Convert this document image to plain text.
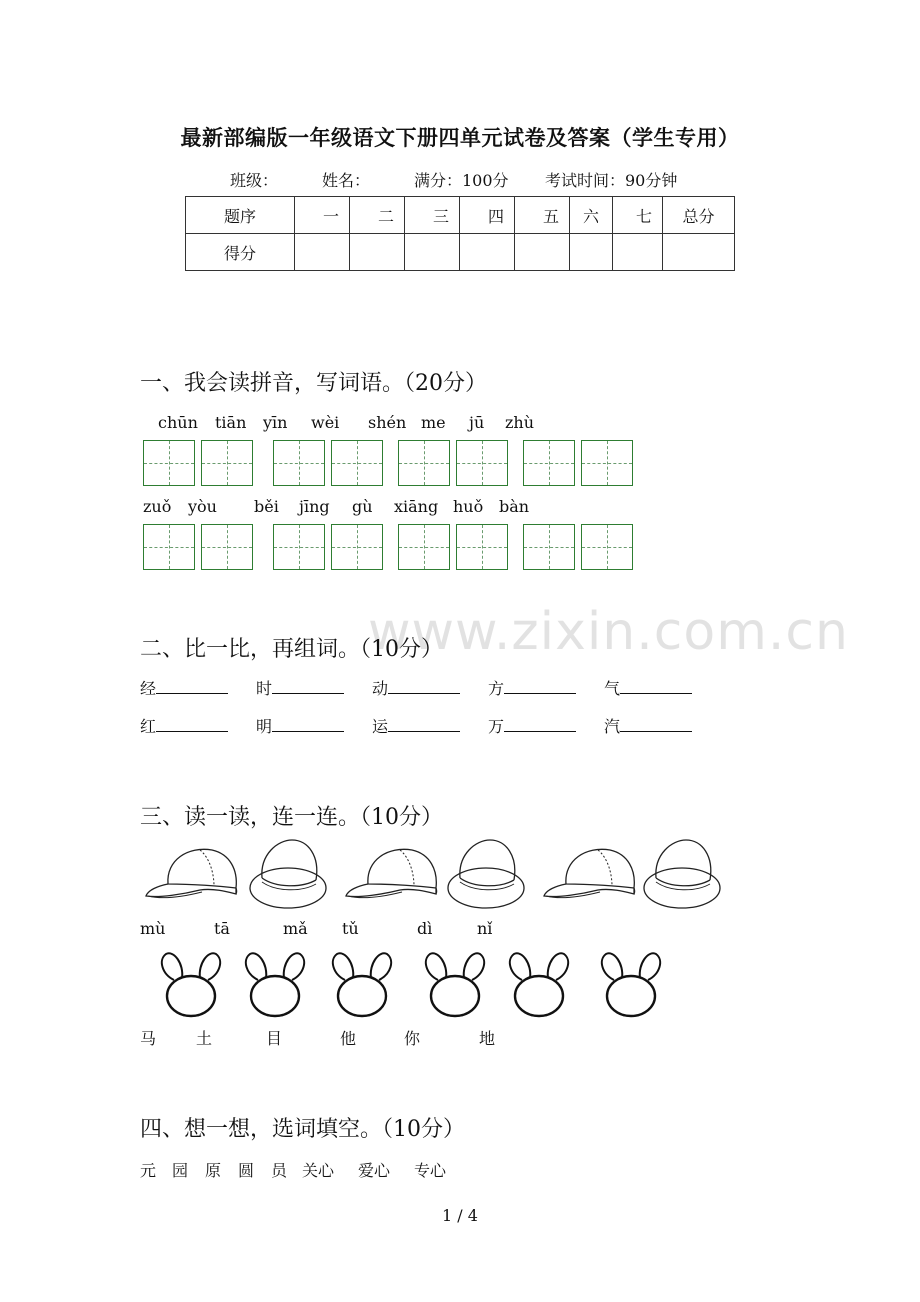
最新部编版一年级语文下册四单元试卷及答案（学生专用）
班级：	姓名：	满分：100分 考试时间：90分钟
题序	一	二	三	四	五	六	七	总分
得分								
一、我会读拼音，写词语。（20分）
chūn tiān yīn wèi shén me jū zhù
zuǒ yòu běi jīng gù xiāng huǒ bàn
www.zixin.com.cn
二、比一比，再组词。（10分）
经	时	动	方	气
红	明	运	万	汽
三、读一读，连一连。（10分）
mù	tā	mǎ tǔ	dì	nǐ
马 土	目	他	你	地
四、想一想，选词填空。（10分）
元 园 原 圆 员 关心 爱心 专心
1 / 4
